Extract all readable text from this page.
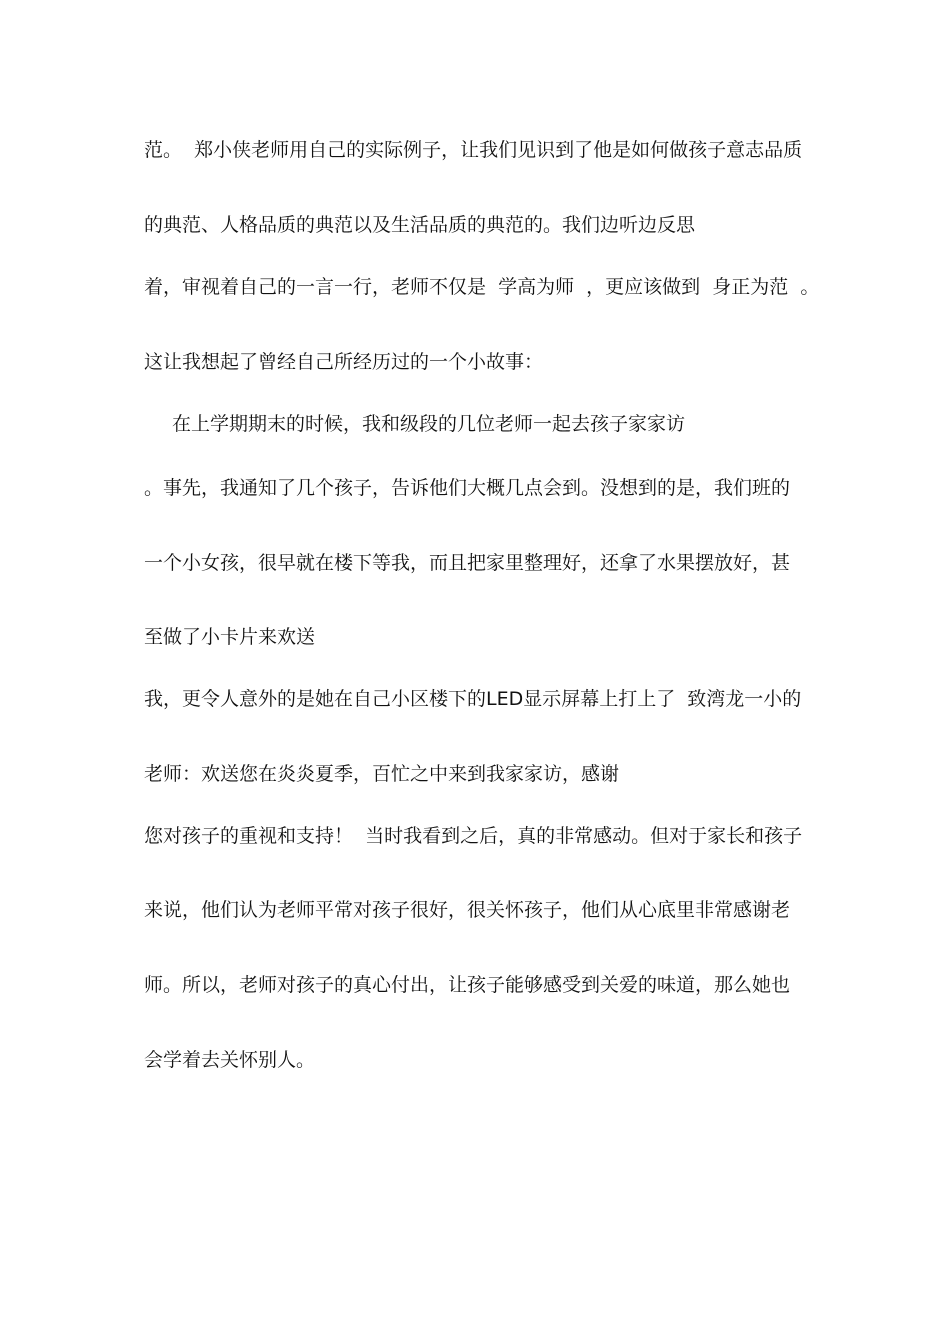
范。  郑小侠老师用自己的实际例子，让我们见识到了他是如何做孩子意志品质
的典范、人格品质的典范以及生活品质的典范的。我们边听边反思
着，审视着自己的一言一行，老师不仅是  学高为师  ，更应该做到  身正为范  。
这让我想起了曾经自己所经历过的一个小故事：
在上学期期末的时候，我和级段的几位老师一起去孩子家家访
。事先，我通知了几个孩子，告诉他们大概几点会到。没想到的是，我们班的
一个小女孩，很早就在楼下等我，而且把家里整理好，还拿了水果摆放好，甚
至做了小卡片来欢送
我，更令人意外的是她在自己小区楼下的LED显示屏幕上打上了  致湾龙一小的
老师：欢送您在炎炎夏季，百忙之中来到我家家访，感谢
您对孩子的重视和支持！  当时我看到之后，真的非常感动。但对于家长和孩子
来说，他们认为老师平常对孩子很好，很关怀孩子，他们从心底里非常感谢老
师。所以，老师对孩子的真心付出，让孩子能够感受到关爱的味道，那么她也
会学着去关怀别人。
